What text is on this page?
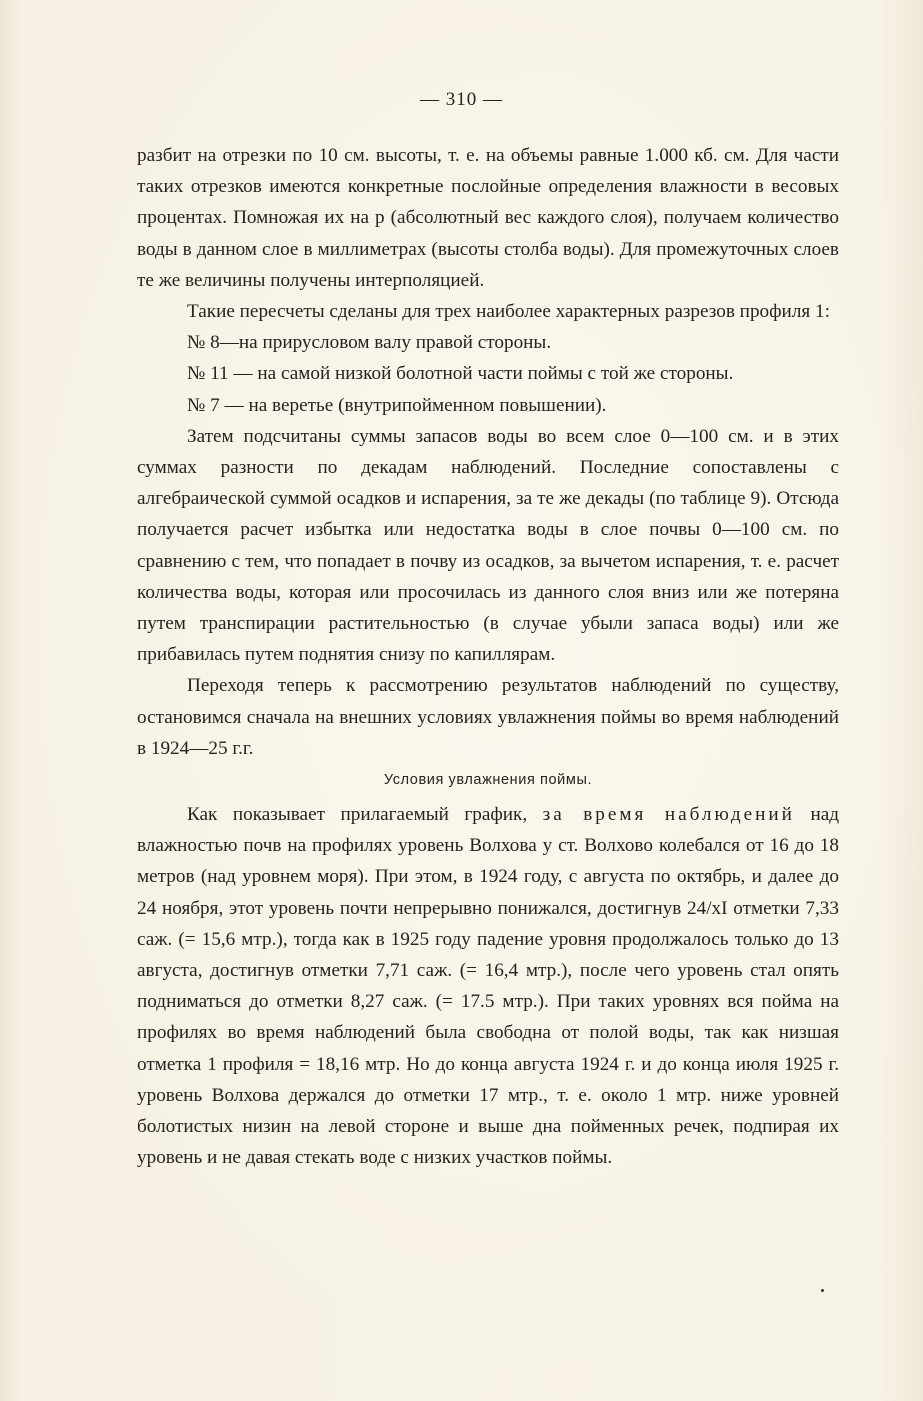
— 310 —

разбит на отрезки по 10 см. высоты, т. е. на объемы равные 1.000 кб. см. Для части таких отрезков имеются конкретные послойные определения влажности в весовых процентах. Помножая их на р (абсолютный вес каждого слоя), получаем количество воды в данном слое в миллиметрах (высоты столба воды). Для промежуточных слоев те же величины получены интерполяцией.

Такие пересчеты сделаны для трех наиболее характерных разрезов профиля 1:

№ 8—на прирусловом валу правой стороны.

№ 11 — на самой низкой болотной части поймы с той же стороны.

№ 7 — на веретье (внутрипойменном повышении).

Затем подсчитаны суммы запасов воды во всем слое 0—100 см. и в этих суммах разности по декадам наблюдений. Последние сопоставлены с алгебраической суммой осадков и испарения, за те же декады (по таблице 9). Отсюда получается расчет избытка или недостатка воды в слое почвы 0—100 см. по сравнению с тем, что попадает в почву из осадков, за вычетом испарения, т. е. расчет количества воды, которая или просочилась из данного слоя вниз или же потеряна путем транспирации растительностью (в случае убыли запаса воды) или же прибавилась путем поднятия снизу по капиллярам.

Переходя теперь к рассмотрению результатов наблюдений по существу, остановимся сначала на внешних условиях увлажнения поймы во время наблюдений в 1924—25 г.г.

Условия увлажнения поймы.

Как показывает прилагаемый график, за время наблюдений над влажностью почв на профилях уровень Волхова у ст. Волхово колебался от 16 до 18 метров (над уровнем моря). При этом, в 1924 году, с августа по октябрь, и далее до 24 ноября, этот уровень почти непрерывно понижался, достигнув 24/xI отметки 7,33 саж. (= 15,6 мтр.), тогда как в 1925 году падение уровня продолжалось только до 13 августа, достигнув отметки 7,71 саж. (= 16,4 мтр.), после чего уровень стал опять подниматься до отметки 8,27 саж. (= 17.5 мтр.). При таких уровнях вся пойма на профилях во время наблюдений была свободна от полой воды, так как низшая отметка 1 профиля = 18,16 мтр. Но до конца августа 1924 г. и до конца июля 1925 г. уровень Волхова держался до отметки 17 мтр., т. е. около 1 мтр. ниже уровней болотистых низин на левой стороне и выше дна пойменных речек, подпирая их уровень и не давая стекать воде с низких участков поймы.
